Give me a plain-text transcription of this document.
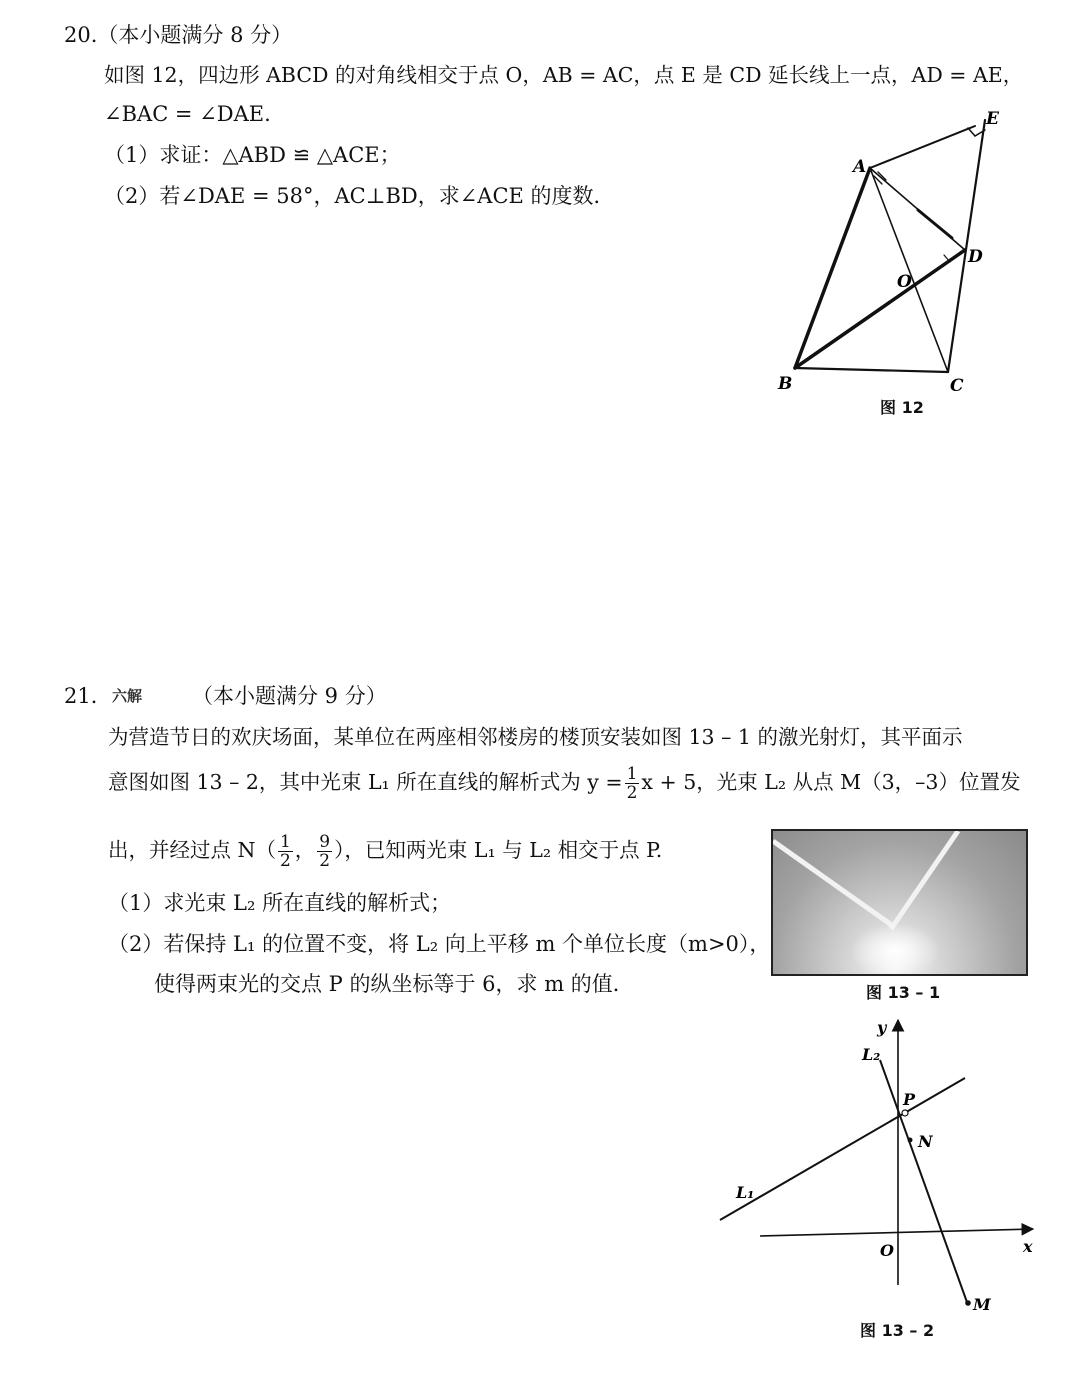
20.（本小题满分 8 分）
如图 12，四边形 ABCD 的对角线相交于点 O，AB = AC，点 E 是 CD 延长线上一点，AD = AE，
∠BAC = ∠DAE.
（1）求证：△ABD ≌ △ACE；
（2）若∠DAE = 58°，AC⊥BD，求∠ACE 的度数．
A
E
D
O
B	C
图 12
21． 六解 （本小题满分 9 分）
为营造节日的欢庆场面，某单位在两座相邻楼房的楼顶安装如图 13 – 1 的激光射灯，其平面示
意图如图 13 – 2，其中光束 L₁ 所在直线的解析式为 $y = \frac{1}{2}$ x + 5，光束 L₂ 从点 M（3，–3）位置发
出，并经过点 $N( \frac{1}{2}$ ， $\frac{9}{2}$ ），已知两光束 L₁ 与 L₂ 相交于点 P.
（1）求光束 L₂ 所在直线的解析式；
（2）若保持 L₁ 的位置不变，将 L₂ 向上平移 m 个单位长度（m>0），
使得两束光的交点 P 的纵坐标等于 6，求 m 的值．	图 13 – 1
y
x
O
L₂
L₁
P
N
M
图 13 – 2
